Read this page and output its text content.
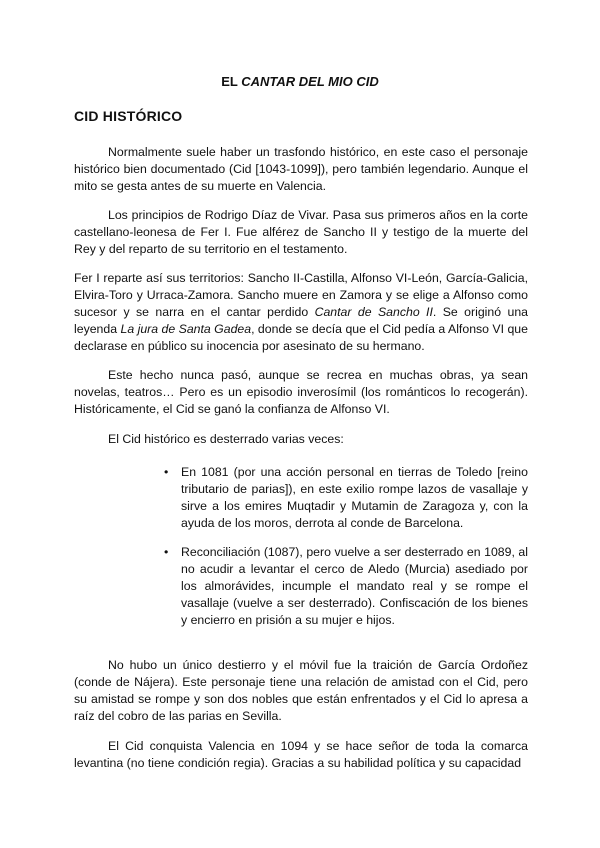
EL CANTAR DEL MIO CID
CID HISTÓRICO

Normalmente suele haber un trasfondo histórico, en este caso el personaje histórico bien documentado (Cid [1043-1099]), pero también legendario. Aunque el mito se gesta antes de su muerte en Valencia.

Los principios de Rodrigo Díaz de Vivar. Pasa sus primeros años en la corte castellano-leonesa de Fer I. Fue alférez de Sancho II y testigo de la muerte del Rey y del reparto de su territorio en el testamento.

Fer I reparte así sus territorios: Sancho II-Castilla, Alfonso VI-León, García-Galicia, Elvira-Toro y Urraca-Zamora. Sancho muere en Zamora y se elige a Alfonso como sucesor y se narra en el cantar perdido Cantar de Sancho II. Se originó una leyenda La jura de Santa Gadea, donde se decía que el Cid pedía a Alfonso VI que declarase en público su inocencia por asesinato de su hermano.

Este hecho nunca pasó, aunque se recrea en muchas obras, ya sean novelas, teatros… Pero es un episodio inverosímil (los románticos lo recogerán). Históricamente, el Cid se ganó la confianza de Alfonso VI.

El Cid histórico es desterrado varias veces:

• En 1081 (por una acción personal en tierras de Toledo [reino tributario de parias]), en este exilio rompe lazos de vasallaje y sirve a los emires Muqtadir y Mutamin de Zaragoza y, con la ayuda de los moros, derrota al conde de Barcelona.
• Reconciliación (1087), pero vuelve a ser desterrado en 1089, al no acudir a levantar el cerco de Aledo (Murcia) asediado por los almorávides, incumple el mandato real y se rompe el vasallaje (vuelve a ser desterrado). Confiscación de los bienes y encierro en prisión a su mujer e hijos.

No hubo un único destierro y el móvil fue la traición de García Ordoñez (conde de Nájera). Este personaje tiene una relación de amistad con el Cid, pero su amistad se rompe y son dos nobles que están enfrentados y el Cid lo apresa a raíz del cobro de las parias en Sevilla.

El Cid conquista Valencia en 1094 y se hace señor de toda la comarca levantina (no tiene condición regia). Gracias a su habilidad política y su capacidad
